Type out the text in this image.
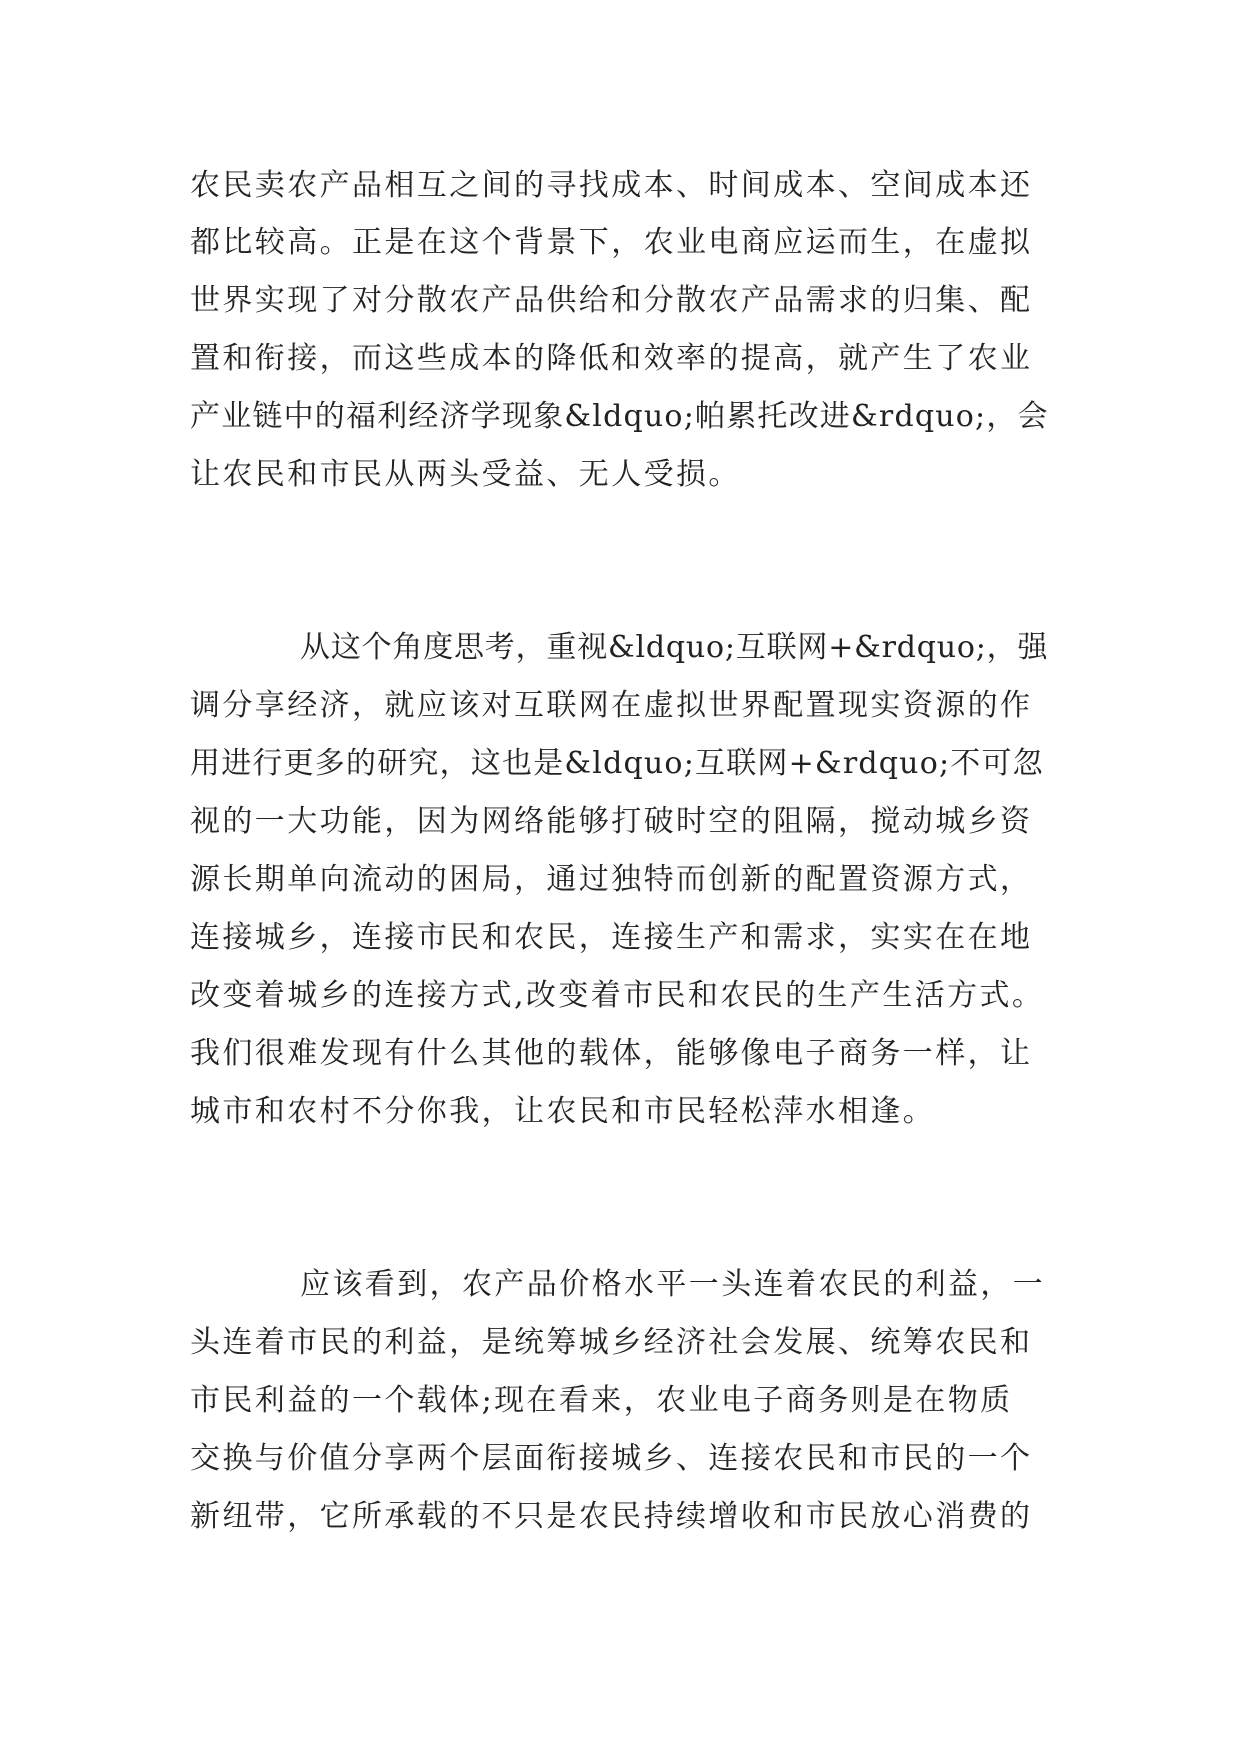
农民卖农产品相互之间的寻找成本、时间成本、空间成本还
都比较高。正是在这个背景下，农业电商应运而生，在虚拟
世界实现了对分散农产品供给和分散农产品需求的归集、配
置和衔接，而这些成本的降低和效率的提高，就产生了农业
产业链中的福利经济学现象&ldquo;帕累托改进&rdquo;，会
让农民和市民从两头受益、无人受损。
从这个角度思考，重视&ldquo;互联网+&rdquo;，强
调分享经济，就应该对互联网在虚拟世界配置现实资源的作
用进行更多的研究，这也是&ldquo;互联网+&rdquo;不可忽
视的一大功能，因为网络能够打破时空的阻隔，搅动城乡资
源长期单向流动的困局，通过独特而创新的配置资源方式，
连接城乡，连接市民和农民，连接生产和需求，实实在在地
改变着城乡的连接方式,改变着市民和农民的生产生活方式。
我们很难发现有什么其他的载体，能够像电子商务一样，让
城市和农村不分你我，让农民和市民轻松萍水相逢。
应该看到，农产品价格水平一头连着农民的利益，一
头连着市民的利益，是统筹城乡经济社会发展、统筹农民和
市民利益的一个载体;现在看来，农业电子商务则是在物质
交换与价值分享两个层面衔接城乡、连接农民和市民的一个
新纽带，它所承载的不只是农民持续增收和市民放心消费的
